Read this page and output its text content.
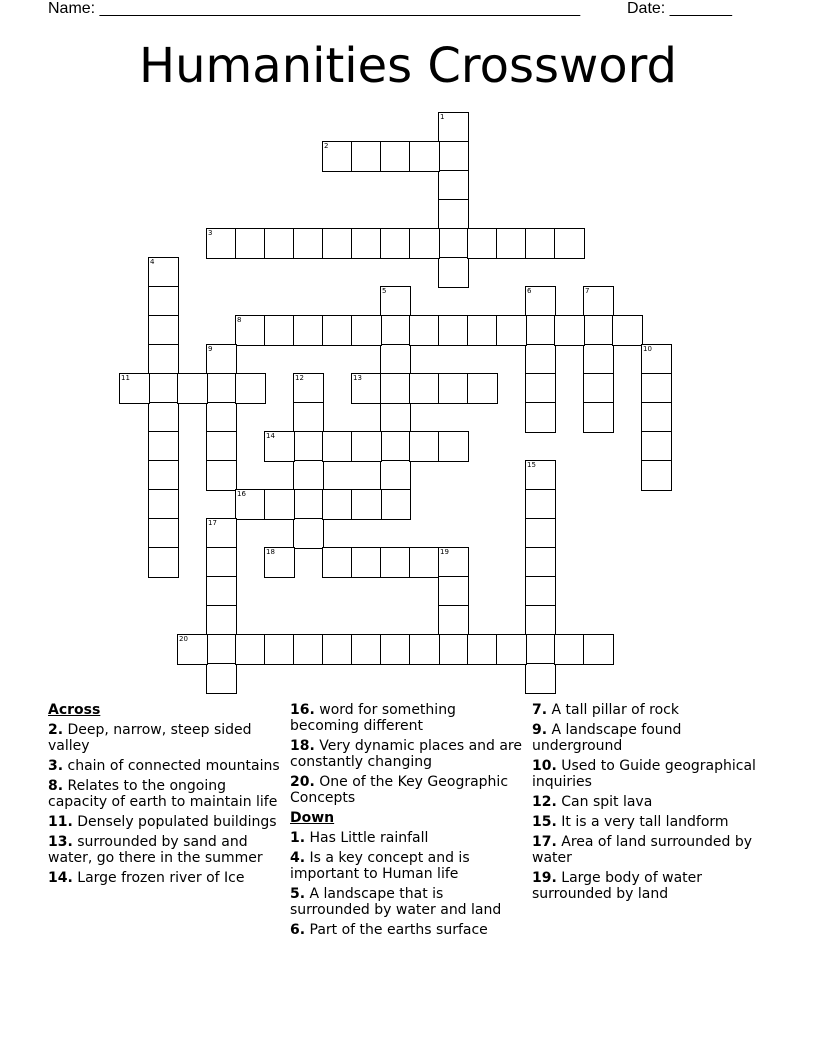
Name: ______________________________________________________	Date: _______
Humanities Crossword
1
2
3
4
5	6	7
8
9	10
11	12	13
14
15
16
17
18	19
20
Across
2. Deep, narrow, steep sided valley
3. chain of connected mountains
8. Relates to the ongoing capacity of earth to maintain life
11. Densely populated buildings
13. surrounded by sand and water, go there in the summer
14. Large frozen river of Ice
16. word for something becoming different
18. Very dynamic places and are constantly changing
20. One of the Key Geographic Concepts
Down
1. Has Little rainfall
4. Is a key concept and is important to Human life
5. A landscape that is surrounded by water and land
6. Part of the earths surface
7. A tall pillar of rock
9. A landscape found underground
10. Used to Guide geographical inquiries
12. Can spit lava
15. It is a very tall landform
17. Area of land surrounded by water
19. Large body of water surrounded by land
